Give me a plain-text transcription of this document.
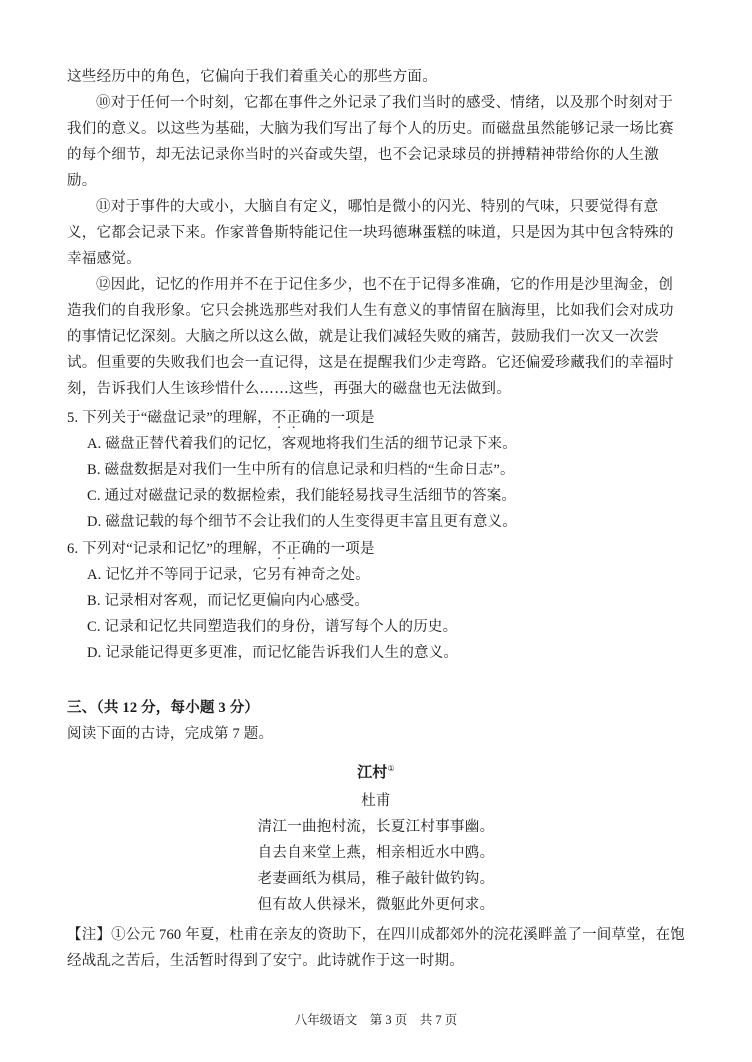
这些经历中的角色，它偏向于我们着重关心的那些方面。

⑩对于任何一个时刻，它都在事件之外记录了我们当时的感受、情绪，以及那个时刻对于我们的意义。以这些为基础，大脑为我们写出了每个人的历史。而磁盘虽然能够记录一场比赛的每个细节，却无法记录你当时的兴奋或失望，也不会记录球员的拼搏精神带给你的人生激励。

⑪对于事件的大或小，大脑自有定义，哪怕是微小的闪光、特别的气味，只要觉得有意义，它都会记录下来。作家普鲁斯特能记住一块玛德琳蛋糕的味道，只是因为其中包含特殊的幸福感觉。

⑫因此，记忆的作用并不在于记住多少，也不在于记得多准确，它的作用是沙里淘金，创造我们的自我形象。它只会挑选那些对我们人生有意义的事情留在脑海里，比如我们会对成功的事情记忆深刻。大脑之所以这么做，就是让我们减轻失败的痛苦，鼓励我们一次又一次尝试。但重要的失败我们也会一直记得，这是在提醒我们少走弯路。它还偏爱珍藏我们的幸福时刻，告诉我们人生该珍惜什么……这些，再强大的磁盘也无法做到。

5. 下列关于“磁盘记录”的理解，不正确的一项是

A. 磁盘正替代着我们的记忆，客观地将我们生活的细节记录下来。

B. 磁盘数据是对我们一生中所有的信息记录和归档的“生命日志”。

C. 通过对磁盘记录的数据检索，我们能轻易找寻生活细节的答案。

D. 磁盘记载的每个细节不会让我们的人生变得更丰富且更有意义。

6. 下列对“记录和记忆”的理解，不正确的一项是

A. 记忆并不等同于记录，它另有神奇之处。

B. 记录相对客观，而记忆更偏向内心感受。

C. 记录和记忆共同塑造我们的身份，谱写每个人的历史。

D. 记录能记得更多更准，而记忆能告诉我们人生的意义。

三、（共 12 分，每小题 3 分）
阅读下面的古诗，完成第 7 题。
江村①
杜甫
清江一曲抱村流，长夏江村事事幽。
自去自来堂上燕，相亲相近水中鸥。
老妻画纸为棋局，稚子敲针做钓钩。
但有故人供禄米，微躯此外更何求。
【注】①公元 760 年夏，杜甫在亲友的资助下，在四川成都郊外的浣花溪畔盖了一间草堂，在饱经战乱之苦后，生活暂时得到了安宁。此诗就作于这一时期。
八年级语文　第 3 页　共 7 页
